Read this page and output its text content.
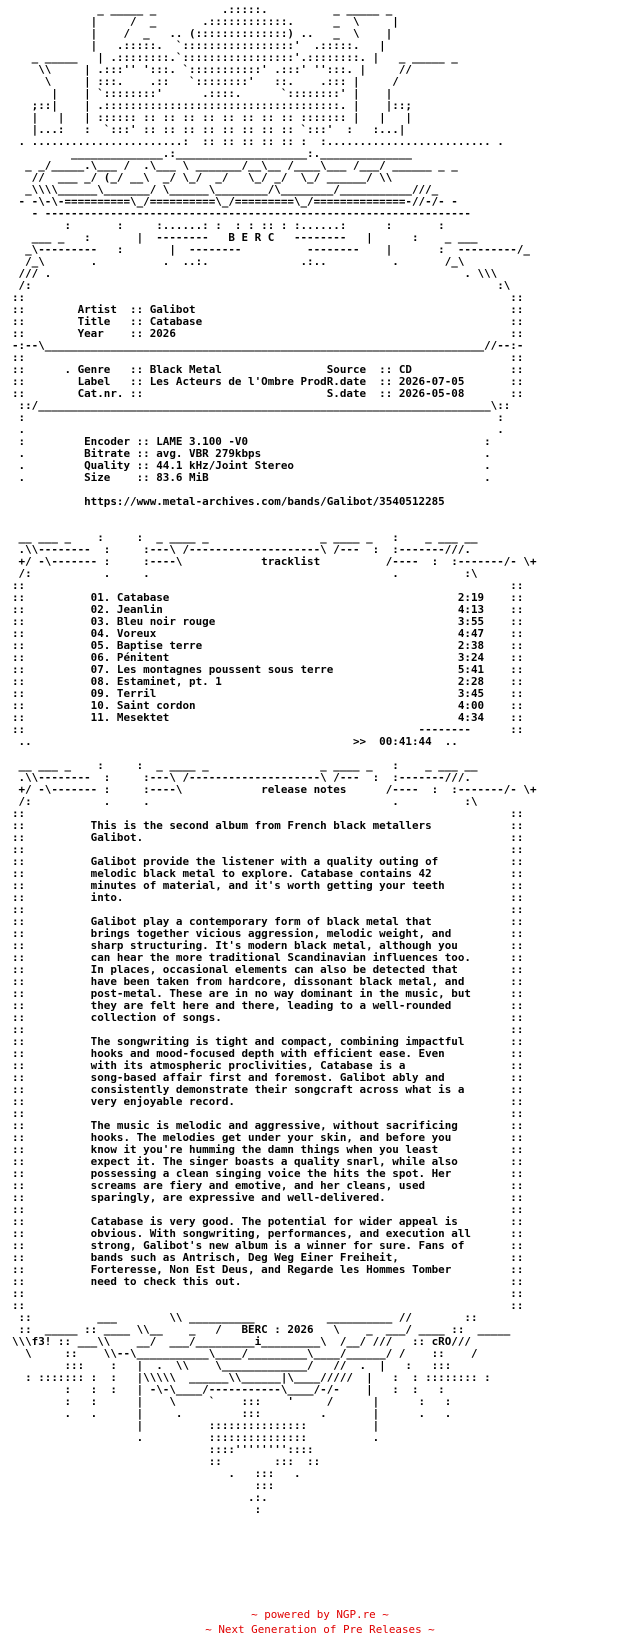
_ _____ _          .:::::.          _ _____ _
|     /  _       .::::::::::::.      _  \     |
|    /  _   .. (::::::::::::::) ..   _  \    |
|   .:::::.  `:::::::::::::::::'  .:::::.   |
_ _____   | .::::::::.`:::::::::::::::::'.::::::::. |   _ _____ _
\\     | .:::'' ':::. `:::::::::::' .:::' '':::. |     //
\     | :::.    .::   `::::::::'   ::.    .::: |     /
|    | `::::::::'      .::::.      `::::::::' |    |
;::|    | .::::::::::::::::::::::::::::::::::::. |    |::;
|   |   | :::::: :: :: :: :: :: :: :: :: ::::::: |   |   |
|...:   :  `:::' :: :: :: :: :: :: :: :: `:::'  :   :...|
. .......................:  :: :: :: :: :: :  :......................... .
______________.:____________________:.______________
_ _/_____.\___ /  .\___ \ _______/__\__ /____\___ /___/ ______ _ _
//  ___ _/ (_/ __\  _/ \_/  _/   \_/ _/  \_/ ______/ \\
_\\\\______\_______/ \______\________/\________/___________///_
- -\-\-==========\_/==========\_/=========\_/==============-//-/- -
- -----------------------------------------------------------------
:       :     :......: :  : : :: : :......:      :       :
___ _   :       |  --------   B E R C   --------   |      :    _ ___
_\---------   :       |  --------          --------    |       :  ---------/_
/_\       .          .  ..:.              .:..          .       /_\
/// .                                                               . \\\
/:                                                                       :\
::                                                                          ::
::        Artist  :: Galibot                                                ::
::        Title   :: Catabase                                               ::
::        Year    :: 2026                                                   ::
-:--\___________________________________________________________________//--:-
::                                                                          ::
::      . Genre   :: Black Metal                Source  :: CD               ::
::        Label   :: Les Acteurs de l'Ombre ProdR.date  :: 2026-07-05       ::
::        Cat.nr. ::                            S.date  :: 2026-05-08       ::
::/_____________________________________________________________________\::
:                                                                        :
.                                                                        .
:         Encoder :: LAME 3.100 -V0                                    :
.         Bitrate :: avg. VBR 279kbps                                  .
.         Quality :: 44.1 kHz/Joint Stereo                             .
.         Size    :: 83.6 MiB                                          .
https://www.metal-archives.com/bands/Galibot/3540512285
__ ___ _    :     :  _ ____ _                 _ ____ _   :    _ ___ __
.\\--------  :     :---\ /--------------------\ /---  :  :-------///.
+/ -\------- :     :----\            tracklist          /----  :  :-------/- \+
/:           .     .                                     .          :\
::                                                                          ::
::          01. Catabase                                            2:19    ::
::          02. Jeanlin                                             4:13    ::
::          03. Bleu noir rouge                                     3:55    ::
::          04. Voreux                                              4:47    ::
::          05. Baptise terre                                       2:38    ::
::          06. Pénitent                                            3:24    ::
::          07. Les montagnes poussent sous terre                   5:41    ::
::          08. Estaminet, pt. 1                                    2:28    ::
::          09. Terril                                              3:45    ::
::          10. Saint cordon                                        4:00    ::
::          11. Mesektet                                            4:34    ::
::                                                            --------      ::
..                                                 >>  00:41:44  ..
__ ___ _    :     :  _ ____ _                 _ ____ _   :    _ ___ __
.\\--------  :     :---\ /--------------------\ /---  :  :-------///.
+/ -\------- :     :----\            release notes      /----  :  :-------/- \+
/:           .     .                                     .          :\
::                                                                          ::
::          This is the second album from French black metallers            ::
::          Galibot.                                                        ::
::                                                                          ::
::          Galibot provide the listener with a quality outing of           ::
::          melodic black metal to explore. Catabase contains 42            ::
::          minutes of material, and it's worth getting your teeth          ::
::          into.                                                           ::
::                                                                          ::
::          Galibot play a contemporary form of black metal that            ::
::          brings together vicious aggression, melodic weight, and         ::
::          sharp structuring. It's modern black metal, although you        ::
::          can hear the more traditional Scandinavian influences too.      ::
::          In places, occasional elements can also be detected that        ::
::          have been taken from hardcore, dissonant black metal, and       ::
::          post-metal. These are in no way dominant in the music, but      ::
::          they are felt here and there, leading to a well-rounded         ::
::          collection of songs.                                            ::
::                                                                          ::
::          The songwriting is tight and compact, combining impactful       ::
::          hooks and mood-focused depth with efficient ease. Even          ::
::          with its atmospheric proclivities, Catabase is a                ::
::          song-based affair first and foremost. Galibot ably and          ::
::          consistently demonstrate their songcraft across what is a       ::
::          very enjoyable record.                                          ::
::                                                                          ::
::          The music is melodic and aggressive, without sacrificing        ::
::          hooks. The melodies get under your skin, and before you         ::
::          know it you're humming the damn things when you least           ::
::          expect it. The singer boasts a quality snarl, while also        ::
::          possessing a clean singing voice the hits the spot. Her         ::
::          screams are fiery and emotive, and her cleans, used             ::
::          sparingly, are expressive and well-delivered.                   ::
::                                                                          ::
::          Catabase is very good. The potential for wider appeal is        ::
::          obvious. With songwriting, performances, and execution all      ::
::          strong, Galibot's new album is a winner for sure. Fans of       ::
::          bands such as Antrisch, Deg Weg Einer Freiheit,                 ::
::          Forteresse, Non Est Deus, and Regarde les Hommes Tomber         ::
::          need to check this out.                                         ::
::                                                                          ::
::                                                                          ::
::          ___        \\ __________           __________ //        ::
::  _____ :: ____ \\__    _   /   BERC : 2026   \    _  ___/ ____ ::  _____
\\\f3! :: ___\\    __/  ___/_________i_________\  /__/ ///   :: cRO///
\     ::    \\--\___________\____/_________\____/______/ /    ::    /
:::    :   |  .  \\    \_____________/   //  .  |   :   :::
: ::::::: :  :   |\\\\\  ______\\______|\____/////  |   :  : :::::::: :
:   :  :   | -\-\____/-----------\____/-/-    |   :  :   :
:   :      |    \     `    :::    '     /      |      :   :
.   .      |     .         :::         .       |      .   .
|          :::::::::::::::          |
.          :::::::::::::::          .
::::''''''''::::
::        :::  ::
.   :::   .
:::
.:.
:
~ powered by NGP.re ~
~ Next Generation of Pre Releases ~
